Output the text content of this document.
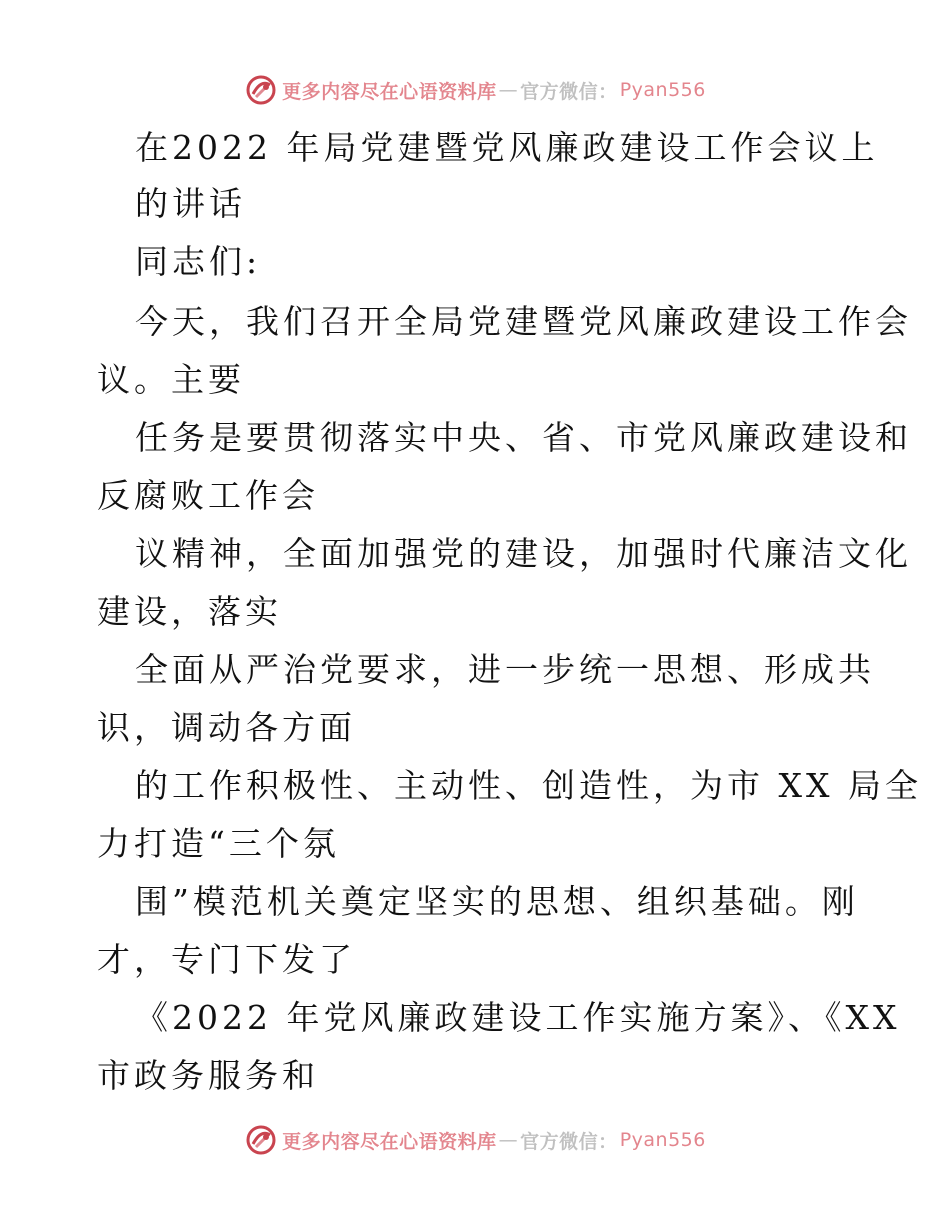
更多内容尽在心语资料库 — 官方微信： Pyan556
在2022 年局党建暨党风廉政建设工作会议上
的讲话
同志们:
今天，我们召开全局党建暨党风廉政建设工作会
议。主要
任务是要贯彻落实中央、省、市党风廉政建设和
反腐败工作会
议精神，全面加强党的建设，加强时代廉洁文化
建设，落实
全面从严治党要求，进一步统一思想、形成共
识，调动各方面
的工作积极性、主动性、创造性，为市 XX 局全
力打造“三个氛
围”模范机关奠定坚实的思想、组织基础。刚
才，专门下发了
《2022 年党风廉政建设工作实施方案》、《XX
市政务服务和
更多内容尽在心语资料库 — 官方微信： Pyan556
